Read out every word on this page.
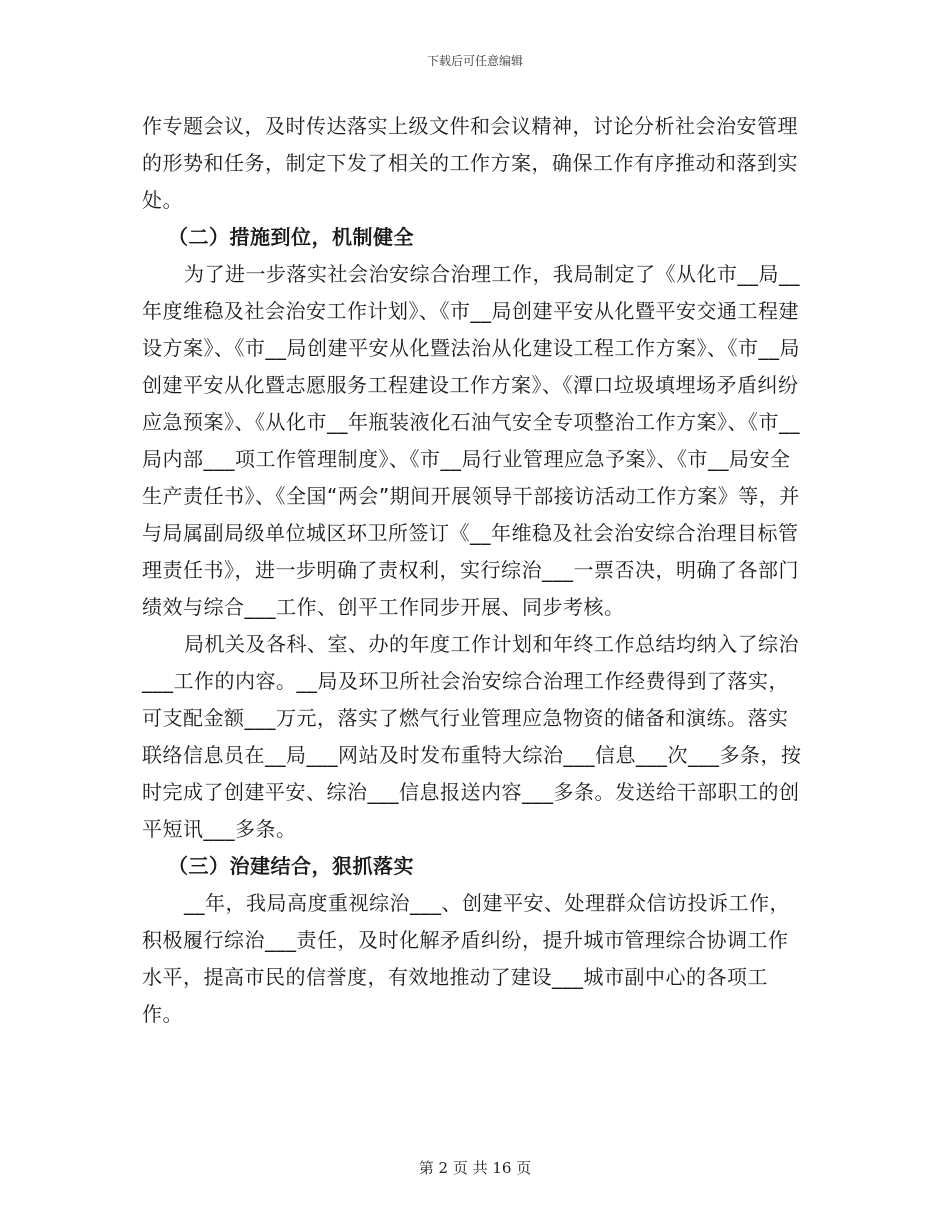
下载后可任意编辑

作专题会议，及时传达落实上级文件和会议精神，讨论分析社会治安管理的形势和任务，制定下发了相关的工作方案，确保工作有序推动和落到实处。

（二）措施到位，机制健全

为了进一步落实社会治安综合治理工作，我局制定了《从化市__局__年度维稳及社会治安工作计划》、《市__局创建平安从化暨平安交通工程建设方案》、《市__局创建平安从化暨法治从化建设工程工作方案》、《市__局创建平安从化暨志愿服务工程建设工作方案》、《潭口垃圾填埋场矛盾纠纷应急预案》、《从化市__年瓶装液化石油气安全专项整治工作方案》、《市__局内部___项工作管理制度》、《市__局行业管理应急予案》、《市__局安全生产责任书》、《全国“两会”期间开展领导干部接访活动工作方案》等，并与局属副局级单位城区环卫所签订《__年维稳及社会治安综合治理目标管理责任书》，进一步明确了责权利，实行综治___一票否决，明确了各部门绩效与综合___工作、创平工作同步开展、同步考核。

局机关及各科、室、办的年度工作计划和年终工作总结均纳入了综治___工作的内容。__局及环卫所社会治安综合治理工作经费得到了落实，可支配金额___万元，落实了燃气行业管理应急物资的储备和演练。落实联络信息员在__局___网站及时发布重特大综治___信息___次___多条，按时完成了创建平安、综治___信息报送内容___多条。发送给干部职工的创平短讯___多条。

（三）治建结合，狠抓落实

__年，我局高度重视综治___、创建平安、处理群众信访投诉工作，积极履行综治___责任，及时化解矛盾纠纷，提升城市管理综合协调工作水平，提高市民的信誉度，有效地推动了建设___城市副中心的各项工作。

第 2 页 共 16 页
